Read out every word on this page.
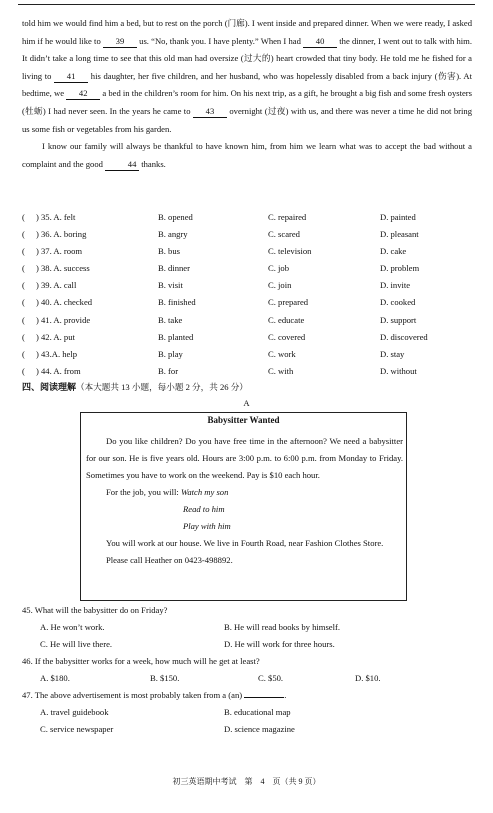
told him we would find him a bed, but to rest on the porch (门廊). I went inside and prepared dinner. When we were ready, I asked him if he would like to 39 us. “No, thank you. I have plenty.” When I had 40 the dinner, I went out to talk with him. It didn’t take a long time to see that this old man had oversize (过大的) heart crowded that tiny body. He told me he fished for a living to 41 his daughter, her five children, and her husband, who was hopelessly disabled from a back injury (伤害). At bedtime, we 42 a bed in the children’s room for him. On his next trip, as a gift, he brought a big fish and some fresh oysters (牡蛎) I had never seen. In the years he came to 43 overnight (过夜) with us, and there was never a time he did not bring us some fish or vegetables from his garden.
I know our family will always be thankful to have known him, from him we learn what was to accept the bad without a complaint and the good	44 thanks.
( ) 35. A. felt	B. opened	C. repaired	D. painted
( ) 36. A. boring	B. angry	C. scared	D. pleasant
( ) 37. A. room	B. bus	C. television	D. cake
( ) 38. A. success	B. dinner	C. job	D. problem
( ) 39. A. call	B. visit	C. join	D. invite
( ) 40. A. checked	B. finished	C. prepared	D. cooked
( ) 41. A. provide	B. take	C. educate	D. support
( ) 42. A. put	B. planted	C. covered	D. discovered
( ) 43.A. help	B. play	C. work	D. stay
( ) 44. A. from	B. for	C. with	D. without
四、阅读理解（本大题共 13 小题，每小题 2 分，共 26 分）
A
Babysitter Wanted
Do you like children? Do you have free time in the afternoon? We need a babysitter for our son. He is five years old. Hours are 3:00 p.m. to 6:00 p.m. from Monday to Friday. Sometimes you have to work on the weekend. Pay is $10 each hour.
For the job, you will: Watch my son
Read to him
Play with him
You will work at our house. We live in Fourth Road, near Fashion Clothes Store.
Please call Heather on 0423-498892.
45. What will the babysitter do on Friday?
A. He won’t work.	B. He will read books by himself.
C. He will live there.	D. He will work for three hours.
46. If the babysitter works for a week, how much will he get at least?
A. $180.	B. $150.	C. $50.	D. $10.
47. The above advertisement is most probably taken from a (an)	.
A. travel guidebook	B. educational map
C. service newspaper	D. science magazine
初三英语期中考试　第　4　页（共 9 页）
